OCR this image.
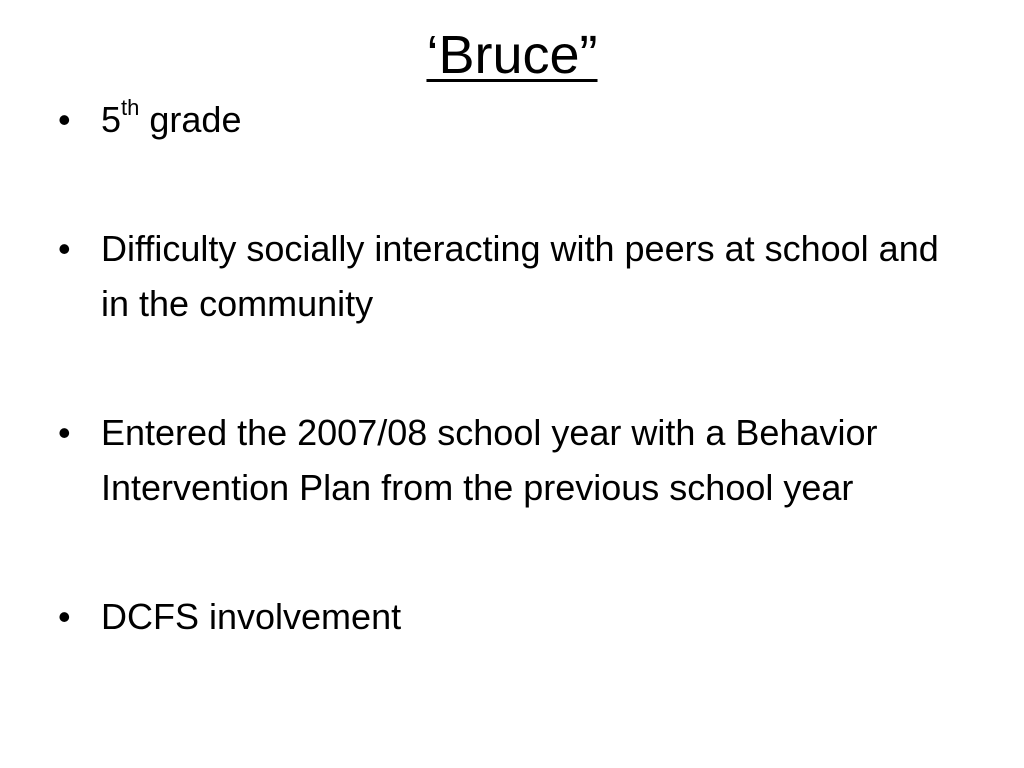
‘Bruce”
• 5th grade
• Difficulty socially interacting with peers at school and in the community
• Entered the 2007/08 school year with a Behavior Intervention Plan from the previous school year
• DCFS involvement
